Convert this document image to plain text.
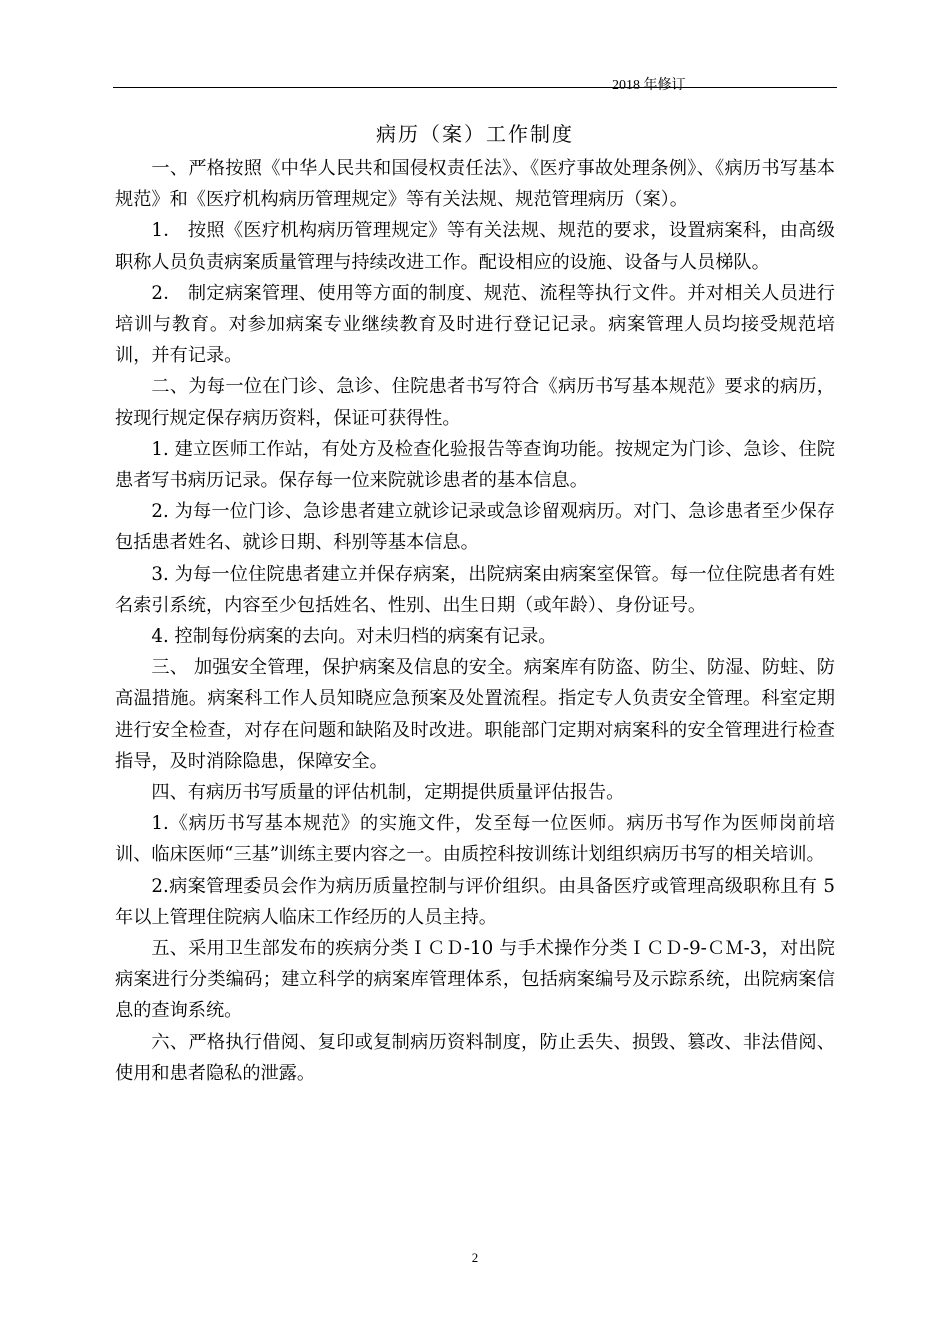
2018 年修订
病历（案）工作制度

一、严格按照《中华人民共和国侵权责任法》、《医疗事故处理条例》、《病历书写基本规范》和《医疗机构病历管理规定》等有关法规、规范管理病历（案）。

1． 按照《医疗机构病历管理规定》等有关法规、规范的要求，设置病案科，由高级职称人员负责病案质量管理与持续改进工作。配设相应的设施、设备与人员梯队。

2． 制定病案管理、使用等方面的制度、规范、流程等执行文件。并对相关人员进行培训与教育。对参加病案专业继续教育及时进行登记记录。病案管理人员均接受规范培训，并有记录。

二、为每一位在门诊、急诊、住院患者书写符合《病历书写基本规范》要求的病历，按现行规定保存病历资料，保证可获得性。

1. 建立医师工作站，有处方及检查化验报告等查询功能。按规定为门诊、急诊、住院患者写书病历记录。保存每一位来院就诊患者的基本信息。

2. 为每一位门诊、急诊患者建立就诊记录或急诊留观病历。对门、急诊患者至少保存包括患者姓名、就诊日期、科别等基本信息。

3. 为每一位住院患者建立并保存病案，出院病案由病案室保管。每一位住院患者有姓名索引系统，内容至少包括姓名、性别、出生日期（或年龄）、身份证号。

4. 控制每份病案的去向。对未归档的病案有记录。

三、 加强安全管理，保护病案及信息的安全。病案库有防盗、防尘、防湿、防蛀、防高温措施。病案科工作人员知晓应急预案及处置流程。指定专人负责安全管理。科室定期进行安全检查，对存在问题和缺陷及时改进。职能部门定期对病案科的安全管理进行检查指导，及时消除隐患，保障安全。

四、有病历书写质量的评估机制，定期提供质量评估报告。

1.《病历书写基本规范》的实施文件，发至每一位医师。病历书写作为医师岗前培训、临床医师“三基”训练主要内容之一。由质控科按训练计划组织病历书写的相关培训。

2.病案管理委员会作为病历质量控制与评价组织。由具备医疗或管理高级职称且有 5 年以上管理住院病人临床工作经历的人员主持。

五、采用卫生部发布的疾病分类ＩＣＤ-10 与手术操作分类ＩＣＤ-9-ＣＭ-3，对出院病案进行分类编码；建立科学的病案库管理体系，包括病案编号及示踪系统，出院病案信息的查询系统。

六、严格执行借阅、复印或复制病历资料制度，防止丢失、损毁、篡改、非法借阅、使用和患者隐私的泄露。

2
